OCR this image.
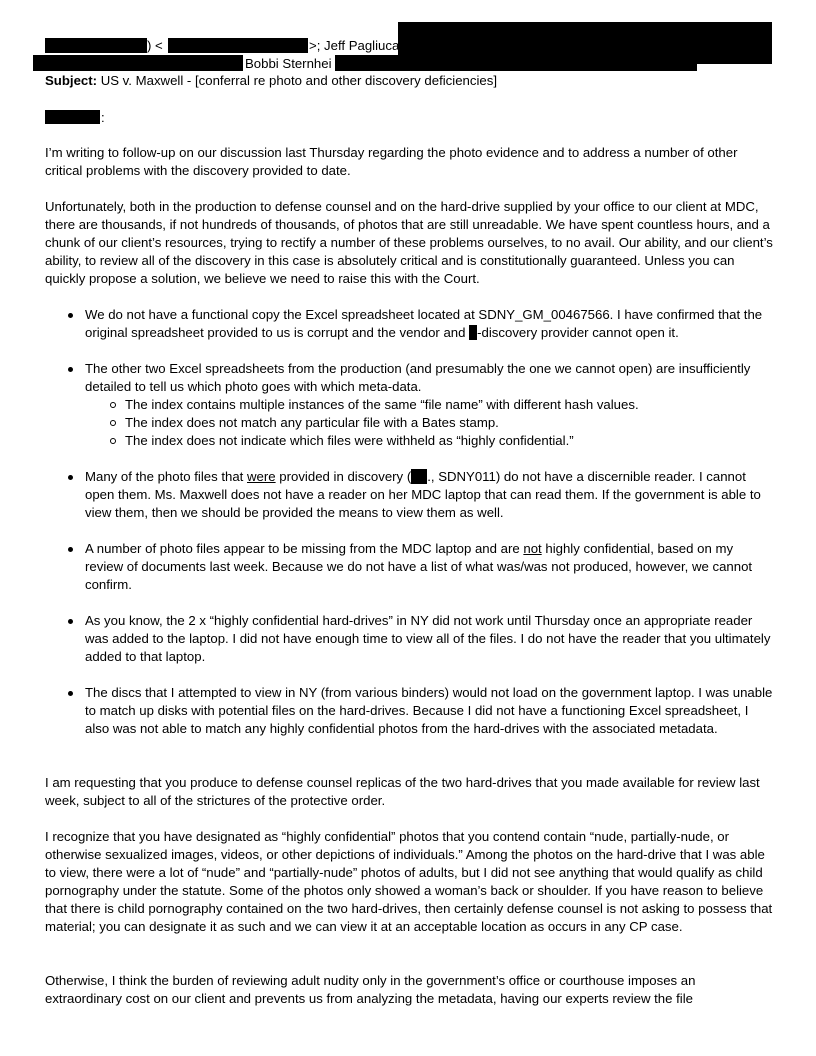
) <	>; Jeff Pagliuca
Bobbi Sternhei
Subject: US v. Maxwell - [conferral re photo and other discovery deficiencies]
:

I’m writing to follow-up on our discussion last Thursday regarding the photo evidence and to address a number of other critical problems with the discovery provided to date.

Unfortunately, both in the production to defense counsel and on the hard-drive supplied by your office to our client at MDC, there are thousands, if not hundreds of thousands, of photos that are still unreadable. We have spent countless hours, and a chunk of our client’s resources, trying to rectify a number of these problems ourselves, to no avail. Our ability, and our client’s ability, to review all of the discovery in this case is absolutely critical and is constitutionally guaranteed. Unless you can quickly propose a solution, we believe we need to raise this with the Court.

We do not have a functional copy the Excel spreadsheet located at SDNY_GM_00467566. I have confirmed that the original spreadsheet provided to us is corrupt and the vendor and -discovery provider cannot open it.
The other two Excel spreadsheets from the production (and presumably the one we cannot open) are insufficiently detailed to tell us which photo goes with which meta-data.
The index contains multiple instances of the same “file name” with different hash values.
The index does not match any particular file with a Bates stamp.
The index does not indicate which files were withheld as “highly confidential.”
Many of the photo files that were provided in discovery ( ., SDNY011) do not have a discernible reader. I cannot open them. Ms. Maxwell does not have a reader on her MDC laptop that can read them. If the government is able to view them, then we should be provided the means to view them as well.
A number of photo files appear to be missing from the MDC laptop and are not highly confidential, based on my review of documents last week. Because we do not have a list of what was/was not produced, however, we cannot confirm.
As you know, the 2 x “highly confidential hard-drives” in NY did not work until Thursday once an appropriate reader was added to the laptop. I did not have enough time to view all of the files. I do not have the reader that you ultimately added to that laptop.
The discs that I attempted to view in NY (from various binders) would not load on the government laptop. I was unable to match up disks with potential files on the hard-drives. Because I did not have a functioning Excel spreadsheet, I also was not able to match any highly confidential photos from the hard-drives with the associated metadata.

I am requesting that you produce to defense counsel replicas of the two hard-drives that you made available for review last week, subject to all of the strictures of the protective order.

I recognize that you have designated as “highly confidential” photos that you contend contain “nude, partially-nude, or otherwise sexualized images, videos, or other depictions of individuals.” Among the photos on the hard-drive that I was able to view, there were a lot of “nude” and “partially-nude” photos of adults, but I did not see anything that would qualify as child pornography under the statute. Some of the photos only showed a woman’s back or shoulder. If you have reason to believe that there is child pornography contained on the two hard-drives, then certainly defense counsel is not asking to possess that material; you can designate it as such and we can view it at an acceptable location as occurs in any CP case.

Otherwise, I think the burden of reviewing adult nudity only in the government’s office or courthouse imposes an extraordinary cost on our client and prevents us from analyzing the metadata, having our experts review the file
